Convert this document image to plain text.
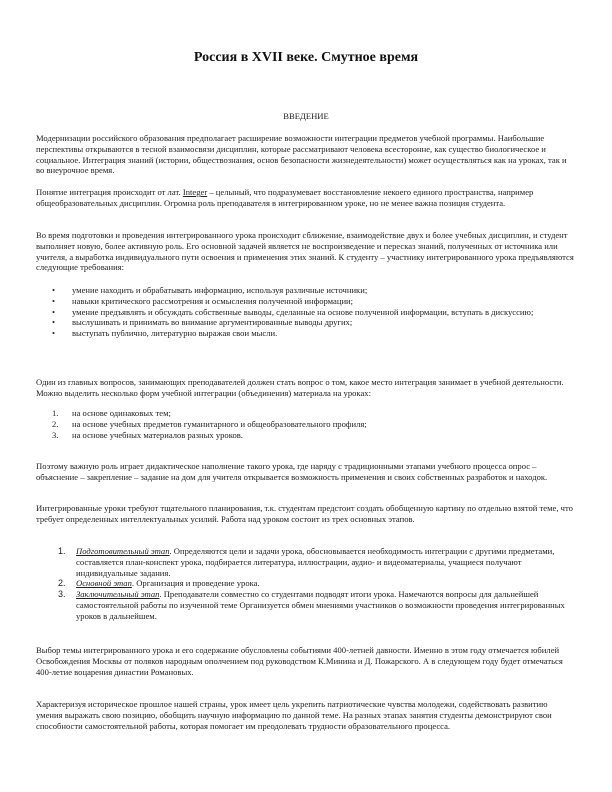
Россия в XVII веке. Смутное время
ВВЕДЕНИЕ

Модернизации российского образования предполагает расширение возможности интеграции предметов учебной программы. Наибольшие перспективы открываются в тесной взаимосвязи дисциплин, которые рассматривают человека всесторонне, как существо биологическое и социальное. Интеграция знаний (истории, обществознания, основ безопасности жизнедеятельности) может осуществляться как на уроках, так и во внеурочное время.

Понятие интеграция происходит от лат. Integer – целыный, что подразумевает восстановление некоего единого пространства, например общеобразовательных дисциплин. Огромна роль преподавателя в интегрированном уроке, но не менее важна позиция студента.

Во время подготовки и проведения интегрированного урока происходит сближение, взаимодействие двух и более учебных дисциплин, и студент выполняет новую, более активную роль. Его основной задачей является не воспроизведение и пересказ знаний, полученных от источника или учителя, а выработка индивидуального пути освоения и применения этих знаний. К студенту – участнику интегрированного урока предъявляются следующие требования:

• умение находить и обрабатывать информацию, используя различные источники;
• навыки критического рассмотрения и осмысления полученной информации;
• умение предъявлять и обсуждать собственные выводы, сделанные на основе полученной информации, вступать в дискуссию;
• выслушивать и принимать во внимание аргументированные выводы других;
• выступать публично, литературно выражая свои мысли.

Один из главных вопросов, занимающих преподавателей должен стать вопрос о том, какое место интеграция занимает в учебной деятельности. Можно выделить несколько форм учебной интеграции (объединения) материала на уроках:

1. на основе одинаковых тем;
2. на основе учебных предметов гуманитарного и общеобразовательного профиля;
3. на основе учебных материалов разных уроков.

Поэтому важную роль играет дидактическое наполнение такого урока, где наряду с традиционными этапами учебного процесса опрос – объяснение – закрепление – задание на дом для учителя открывается возможность применения и своих собственных разработок и находок.

Интегрированные уроки требуют тщательного планирования, т.к. студентам предстоит создать обобщенную картину по отдельно взятой теме, что требует определенных интеллектуальных усилий. Работа над уроком состоит из трех основных этапов.

1. Подготовительный этап. Определяются цели и задачи урока, обосновывается необходимость интеграции с другими предметами, составляется план-конспект урока, подбирается литература, иллюстрации, аудио- и видеоматериалы, учащиеся получают индивидуальные задания.
2. Основной этап. Организация и проведение урока.
3. Заключительный этап. Преподаватели совместно со студентами подводят итоги урока. Намечаются вопросы для дальнейшей самостоятельной работы по изученной теме Организуется обмен мнениями участников о возможности проведения интегрированных уроков в дальнейшем.

Выбор темы интегрированного урока и его содержание обусловлены событиями 400-летней давности. Именно в этом году отмечается юбилей Освобождения Москвы от поляков народным ополчением под руководством К.Минина и Д. Пожарского. А в следующем году будет отмечаться 400-летие воцарения династии Романовых.

Характеризуя историческое прошлое нашей страны, урок имеет цель укрепить патриотические чувства молодежи, содействовать развитию умения выражать свою позицию, обобщить научную информацию по данной теме. На разных этапах занятия студенты демонстрируют свои способности самостоятельной работы, которая помогает им преодолевать трудности образовательного процесса.
